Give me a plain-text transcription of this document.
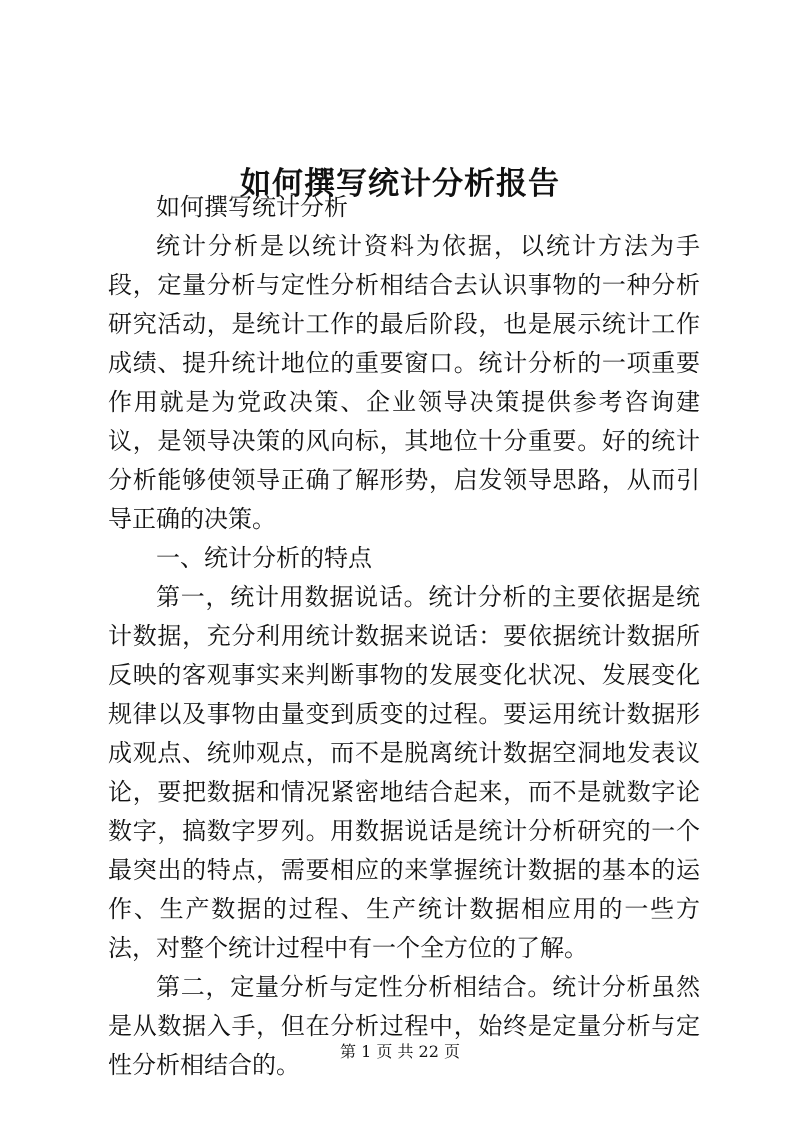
如何撰写统计分析报告

如何撰写统计分析

统计分析是以统计资料为依据，以统计方法为手段，定量分析与定性分析相结合去认识事物的一种分析研究活动，是统计工作的最后阶段，也是展示统计工作成绩、提升统计地位的重要窗口。统计分析的一项重要作用就是为党政决策、企业领导决策提供参考咨询建议，是领导决策的风向标，其地位十分重要。好的统计分析能够使领导正确了解形势，启发领导思路，从而引导正确的决策。

一、统计分析的特点

第一，统计用数据说话。统计分析的主要依据是统计数据，充分利用统计数据来说话：要依据统计数据所反映的客观事实来判断事物的发展变化状况、发展变化规律以及事物由量变到质变的过程。要运用统计数据形成观点、统帅观点，而不是脱离统计数据空洞地发表议论，要把数据和情况紧密地结合起来，而不是就数字论数字，搞数字罗列。用数据说话是统计分析研究的一个最突出的特点，需要相应的来掌握统计数据的基本的运作、生产数据的过程、生产统计数据相应用的一些方法，对整个统计过程中有一个全方位的了解。

第二，定量分析与定性分析相结合。统计分析虽然是从数据入手，但在分析过程中，始终是定量分析与定性分析相结合的。	第 1 页 共 22 页
